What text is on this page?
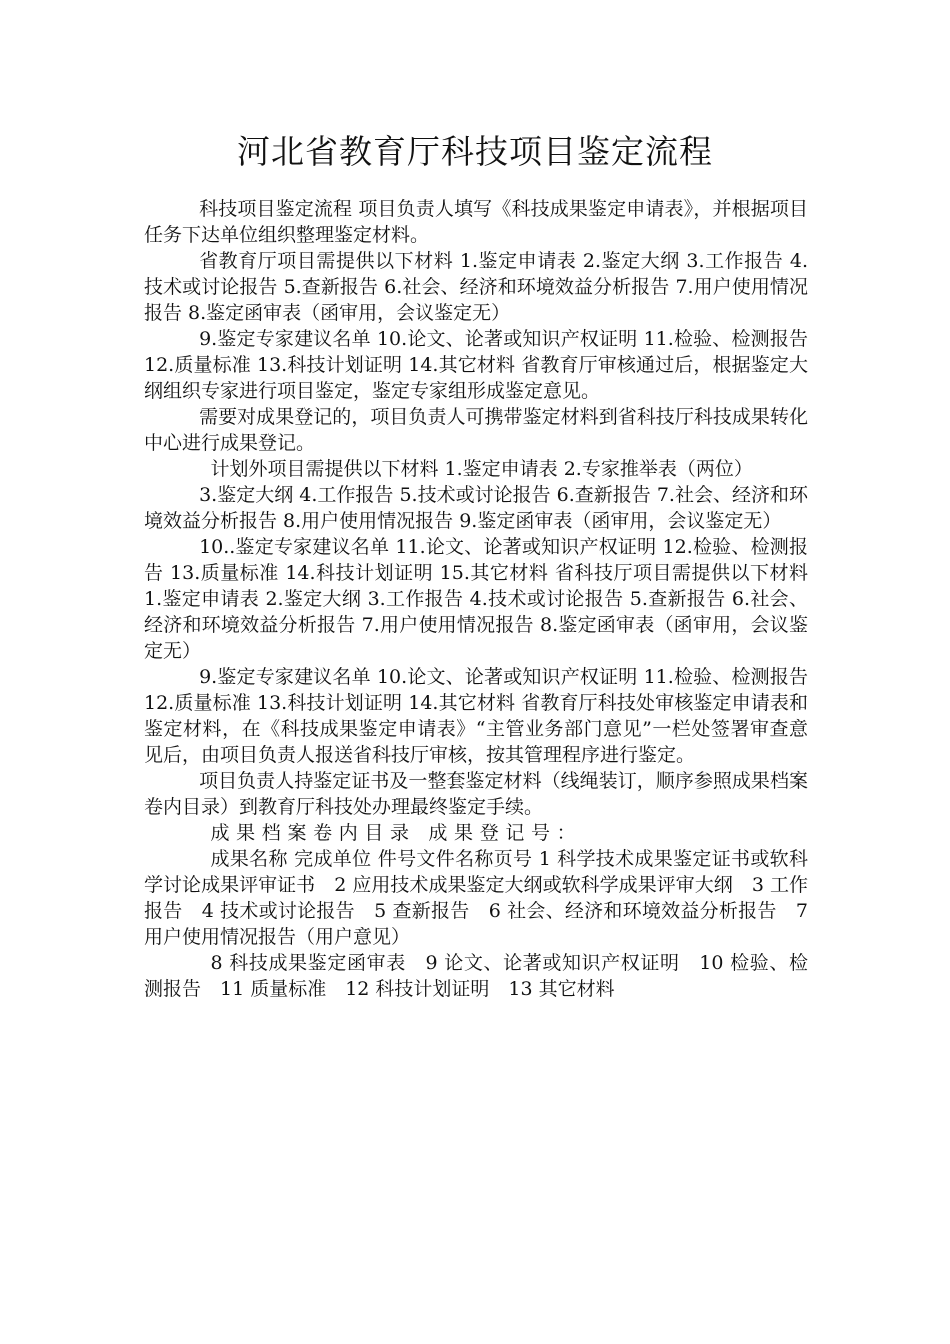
河北省教育厅科技项目鉴定流程

科技项目鉴定流程 项目负责人填写《科技成果鉴定申请表》，并根据项目任务下达单位组织整理鉴定材料。

省教育厅项目需提供以下材料 1.鉴定申请表 2.鉴定大纲 3.工作报告 4.技术或讨论报告 5.查新报告 6.社会、经济和环境效益分析报告 7.用户使用情况报告 8.鉴定函审表（函审用，会议鉴定无）

9.鉴定专家建议名单 10.论文、论著或知识产权证明 11.检验、检测报告 12.质量标准 13.科技计划证明 14.其它材料 省教育厅审核通过后，根据鉴定大纲组织专家进行项目鉴定，鉴定专家组形成鉴定意见。

需要对成果登记的，项目负责人可携带鉴定材料到省科技厅科技成果转化中心进行成果登记。

计划外项目需提供以下材料 1.鉴定申请表 2.专家推举表（两位）

3.鉴定大纲 4.工作报告 5.技术或讨论报告 6.查新报告 7.社会、经济和环境效益分析报告 8.用户使用情况报告 9.鉴定函审表（函审用，会议鉴定无）

10..鉴定专家建议名单 11.论文、论著或知识产权证明 12.检验、检测报告 13.质量标准 14.科技计划证明 15.其它材料 省科技厅项目需提供以下材料 1.鉴定申请表 2.鉴定大纲 3.工作报告 4.技术或讨论报告 5.查新报告 6.社会、经济和环境效益分析报告 7.用户使用情况报告 8.鉴定函审表（函审用，会议鉴定无）

9.鉴定专家建议名单 10.论文、论著或知识产权证明 11.检验、检测报告 12.质量标准 13.科技计划证明 14.其它材料 省教育厅科技处审核鉴定申请表和鉴定材料，在《科技成果鉴定申请表》“主管业务部门意见”一栏处签署审查意见后，由项目负责人报送省科技厅审核，按其管理程序进行鉴定。

项目负责人持鉴定证书及一整套鉴定材料（线绳装订，顺序参照成果档案卷内目录）到教育厅科技处办理最终鉴定手续。

成果档案卷内目录 成果登记号：

成果名称 完成单位 件号文件名称页号 1 科学技术成果鉴定证书或软科学讨论成果评审证书　2 应用技术成果鉴定大纲或软科学成果评审大纲　3 工作报告　4 技术或讨论报告　5 查新报告　6 社会、经济和环境效益分析报告　7 用户使用情况报告（用户意见）

8 科技成果鉴定函审表　9 论文、论著或知识产权证明　10 检验、检测报告　11 质量标准　12 科技计划证明　13 其它材料
